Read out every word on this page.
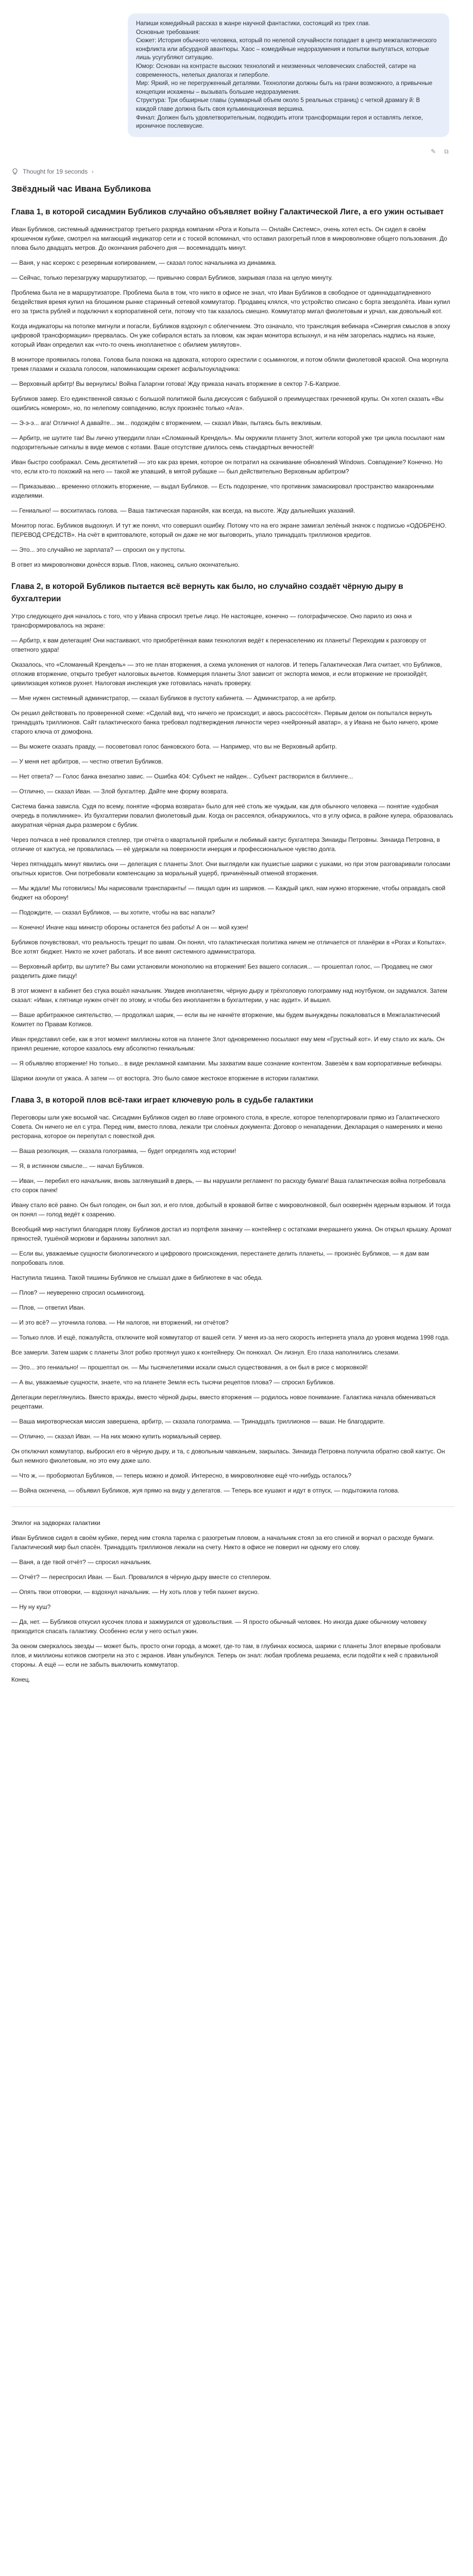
Напиши комедийный рассказ в жанре научной фантастики, состоящий из трех глав.

Основные требования:

Сюжет: История обычного человека, который по нелепой случайности попадает в центр межгалактического конфликта или абсурдной авантюры. Хаос – комедийные недоразумения и попытки выпутаться, которые лишь усугубляют ситуацию.

Юмор: Основан на контрасте высоких технологий и неизменных человеческих слабостей, сатире на современность, нелепых диалогах и гиперболе.

Мир: Яркий, но не перегруженный деталями. Технологии должны быть на грани возможного, а привычные концепции искажены – вызывать большие недоразумения.

Структура: Три обширные главы (суммарный объем около 5 реальных страниц) с четкой драмагу й: В каждой главе должна быть своя кульминационная вершина.

Финал: Должен быть удовлетворительным, подводить итоги трансформации героя и оставлять легкое, ироничное послевкусие.

✎	⧉
Thought for 19 seconds ›
Звёздный час Ивана Бубликова
Глава 1, в которой сисадмин Бубликов случайно объявляет войну Галактической Лиге, а его ужин остывает

Иван Бубликов, системный администратор третьего разряда компании «Рога и Копыта — Онлайн Системс», очень хотел есть. Он сидел в своём крошечном кубике, смотрел на мигающий индикатор сети и с тоской вспоминал, что оставил разогретый плов в микроволновке общего пользования. До плова было двадцать метров. До окончания рабочего дня — восемнадцать минут.

— Ваня, у нас ксерокс с резервным копированием, — сказал голос начальника из динамика.

— Сейчас, только перезагружу маршрутизатор, — привычно соврал Бубликов, закрывая глаза на целую минуту.

Проблема была не в маршрутизаторе. Проблема была в том, что никто в офисе не знал, что Иван Бубликов в свободное от одиннадцатидневного бездействия время купил на блошином рынке старинный сетевой коммутатор. Продавец клялся, что устройство списано с борта звездолёта. Иван купил его за триста рублей и подключил к корпоративной сети, потому что так казалось смешно. Коммутатор мигал фиолетовым и урчал, как довольный кот.

Когда индикаторы на потолке мигнули и погасли, Бубликов вздохнул с облегчением. Это означало, что трансляция вебинара «Синергия смыслов в эпоху цифровой трансформации» прервалась. Он уже собирался встать за пловом, как экран монитора вспыхнул, и на нём загорелась надпись на языке, который Иван определил как «что-то очень инопланетное с обилием умляутов».

В мониторе проявилась голова. Голова была похожа на адвоката, которого скрестили с осьминогом, и потом облили фиолетовой краской. Она моргнула тремя глазами и сказала голосом, напоминающим скрежет асфальтоукладчика:

— Верховный арбитр! Вы вернулись! Война Галаргни готова! Жду приказа начать вторжение в сектор 7-Б-Капризе.

Бубликов замер. Его единственной связью с большой политикой была дискуссия с бабушкой о преимуществах гречневой крупы. Он хотел сказать «Вы ошиблись номером», но, по нелепому совпадению, вслух произнёс только «Ага».

— Э-э-э... ага! Отлично! А давайте... эм... подождём с вторжением, — сказал Иван, пытаясь быть вежливым.

— Арбитр, не шутите так! Вы лично утвердили план «Сломанный Крендель». Мы окружили планету Злот, жители которой уже три цикла посылают нам подозрительные сигналы в виде мемов с котами. Ваше отсутствие длилось семь стандартных вечностей!

Иван быстро соображал. Семь десятилетий — это как раз время, которое он потратил на скачивание обновлений Windows. Совпадение? Конечно. Но что, если кто-то похожий на него — такой же упавший, в мятой рубашке — был действительно Верховным арбитром?

— Приказываю... временно отложить вторжение, — выдал Бубликов. — Есть подозрение, что противник замаскировал пространство макаронными изделиями.

— Гениально! — восхитилась голова. — Ваша тактическая паранойя, как всегда, на высоте. Жду дальнейших указаний.

Монитор погас. Бубликов выдохнул. И тут же понял, что совершил ошибку. Потому что на его экране замигал зелёный значок с подписью «ОДОБРЕНО. ПЕРЕВОД СРЕДСТВ». На счёт в криптовалюте, который он даже не мог выговорить, упало тринадцать триллионов кредитов.

— Это... это случайно не зарплата? — спросил он у пустоты.

В ответ из микроволновки донёсся взрыв. Плов, наконец, сильно окончательно.

Глава 2, в которой Бубликов пытается всё вернуть как было, но случайно создаёт чёрную дыру в бухгалтерии

Утро следующего дня началось с того, что у Ивана спросил третье лицо. Не настоящее, конечно — голографическое. Оно парило из окна и трансформировалось на экране:

— Арбитр, к вам делегация! Они настаивают, что приобретённая вами технология ведёт к перенаселению их планеты! Переходим к разговору от ответного удара!

Оказалось, что «Сломанный Крендель» — это не план вторжения, а схема уклонения от налогов. И теперь Галактическая Лига считает, что Бубликов, отложив вторжение, открыто требует налоговых вычетов. Коммерция планеты Злот зависит от экспорта мемов, и если вторжение не произойдёт, цивилизация котиков рухнет. Налоговая инспекция уже готовилась начать проверку.

— Мне нужен системный администратор, — сказал Бубликов в пустоту кабинета. — Администратор, а не арбитр.

Он решил действовать по проверенной схеме: «Сделай вид, что ничего не происходит, и авось рассосётся». Первым делом он попытался вернуть тринадцать триллионов. Сайт галактического банка требовал подтверждения личности через «нейронный аватар», а у Ивана не было ничего, кроме старого ключа от домофона.

— Вы можете сказать правду, — посоветовал голос банковского бота. — Например, что вы не Верховный арбитр.

— У меня нет арбитров, — честно ответил Бубликов.

— Нет ответа? — Голос банка внезапно завис. — Ошибка 404: Субъект не найден... Субъект растворился в биллинге...

— Отлично, — сказал Иван. — Злой бухгалтер. Дайте мне форму возврата.

Система банка зависла. Судя по всему, понятие «форма возврата» было для неё столь же чуждым, как для обычного человека — понятие «удобная очередь в поликлинике». Из бухгалтерии повалил фиолетовый дым. Когда он рассеялся, обнаружилось, что в углу офиса, в районе кулера, образовалась аккуратная чёрная дыра размером с бублик.

Через полчаса в неё провалился степлер, три отчёта о квартальной прибыли и любимый кактус бухгалтера Зинаиды Петровны. Зинаида Петровна, в отличие от кактуса, не провалилась — её удержали на поверхности инерция и профессиональное чувство долга.

Через пятнадцать минут явились они — делегация с планеты Злот. Они выглядели как пушистые шарики с ушками, но при этом разговаривали голосами опытных юристов. Они потребовали компенсацию за моральный ущерб, причинённый отменой вторжения.

— Мы ждали! Мы готовились! Мы нарисовали транспаранты! — пищал один из шариков. — Каждый цикл, нам нужно вторжение, чтобы оправдать свой бюджет на оборону!

— Подождите, — сказал Бубликов, — вы хотите, чтобы на вас напали?

— Конечно! Иначе наш министр обороны останется без работы! А он — мой кузен!

Бубликов почувствовал, что реальность трещит по швам. Он понял, что галактическая политика ничем не отличается от планёрки в «Рогах и Копытах». Все хотят бюджет. Никто не хочет работать. И все винят системного администратора.

— Верховный арбитр, вы шутите? Вы сами установили монополию на вторжения! Без вашего согласия... — прошептал голос, — Продавец не смог разделить даже пиццу!

В этот момент в кабинет без стука вошёл начальник. Увидев инопланетян, чёрную дыру и трёхголовую голограмму над ноутбуком, он задумался. Затем сказал: «Иван, к пятнице нужен отчёт по этому, и чтобы без инопланетян в бухгалтерии, у нас аудит». И вышел.

— Ваше арбитражное сиятельство, — продолжал шарик, — если вы не начнёте вторжение, мы будем вынуждены пожаловаться в Межгалактический Комитет по Правам Котиков.

Иван представил себе, как в этот момент миллионы котов на планете Злот одновременно посылают ему мем «Грустный кот». И ему стало их жаль. Он принял решение, которое казалось ему абсолютно гениальным:

— Я объявляю вторжение! Но только... в виде рекламной кампании. Мы захватим ваше сознание контентом. Завезём к вам корпоративные вебинары.

Шарики ахнули от ужаса. А затем — от восторга. Это было самое жестокое вторжение в истории галактики.

Глава 3, в которой плов всё-таки играет ключевую роль в судьбе галактики

Переговоры шли уже восьмой час. Сисадмин Бубликов сидел во главе огромного стола, в кресле, которое телепортировали прямо из Галактического Совета. Он ничего не ел с утра. Перед ним, вместо плова, лежали три слоёных документа: Договор о ненападении, Декларация о намерениях и меню ресторана, которое он перепутал с повесткой дня.

— Ваша резолюция, — сказала голограмма, — будет определять ход истории!

— Я, в истинном смысле... — начал Бубликов.

— Иван, — перебил его начальник, вновь заглянувший в дверь, — вы нарушили регламент по расходу бумаги! Ваша галактическая война потребовала сто сорок пачек!

Ивану стало всё равно. Он был голоден, он был зол, и его плов, добытый в кровавой битве с микроволновкой, был осквернён ядерным взрывом. И тогда он понял — голод ведёт к озарению.

Всеобщий мир наступил благодаря плову. Бубликов достал из портфеля заначку — контейнер с остатками вчерашнего ужина. Он открыл крышку. Аромат пряностей, тушёной моркови и баранины заполнил зал.

— Если вы, уважаемые сущности биологического и цифрового происхождения, перестанете делить планеты, — произнёс Бубликов, — я дам вам попробовать плов.

Наступила тишина. Такой тишины Бубликов не слышал даже в библиотеке в час обеда.

— Плов? — неуверенно спросил осьминогоид.

— Плов, — ответил Иван.

— И это всё? — уточнила голова. — Ни налогов, ни вторжений, ни отчётов?

— Только плов. И ещё, пожалуйста, отключите мой коммутатор от вашей сети. У меня из-за него скорость интернета упала до уровня модема 1998 года.

Все замерли. Затем шарик с планеты Злот робко протянул ушко к контейнеру. Он понюхал. Он лизнул. Его глаза наполнились слезами.

— Это... это гениально! — прошептал он. — Мы тысячелетиями искали смысл существования, а он был в рисе с морковкой!

— А вы, уважаемые сущности, знаете, что на планете Земля есть тысячи рецептов плова? — спросил Бубликов.

Делегации переглянулись. Вместо вражды, вместо чёрной дыры, вместо вторжения — родилось новое понимание. Галактика начала обмениваться рецептами.

— Ваша миротворческая миссия завершена, арбитр, — сказала голограмма. — Тринадцать триллионов — ваши. Не благодарите.

— Отлично, — сказал Иван. — На них можно купить нормальный сервер.

Он отключил коммутатор, выбросил его в чёрную дыру, и та, с довольным чавканьем, закрылась. Зинаида Петровна получила обратно свой кактус. Он был немного фиолетовым, но это ему даже шло.

— Что ж, — пробормотал Бубликов, — теперь можно и домой. Интересно, в микроволновке ещё что-нибудь осталось?

— Война окончена, — объявил Бубликов, жуя прямо на виду у делегатов. — Теперь все кушают и идут в отпуск, — подытожила голова.

Эпилог на задворках галактики

Иван Бубликов сидел в своём кубике, перед ним стояла тарелка с разогретым пловом, а начальник стоял за его спиной и ворчал о расходе бумаги. Галактический мир был спасён. Тринадцать триллионов лежали на счету. Никто в офисе не поверил ни одному его слову.

— Ваня, а где твой отчёт? — спросил начальник.

— Отчёт? — переспросил Иван. — Был. Провалился в чёрную дыру вместе со степлером.

— Опять твои отговорки, — вздохнул начальник. — Ну хоть плов у тебя пахнет вкусно.

— Ну ну куш?

— Да, нет. — Бубликов откусил кусочек плова и зажмурился от удовольствия. — Я просто обычный человек. Но иногда даже обычному человеку приходится спасать галактику. Особенно если у него остыл ужин.

За окном смеркалось звезды — может быть, просто огни города, а может, где-то там, в глубинах космоса, шарики с планеты Злот впервые пробовали плов, и миллионы котиков смотрели на это с экранов. Иван улыбнулся. Теперь он знал: любая проблема решаема, если подойти к ней с правильной стороны. А ещё — если не забыть выключить коммутатор.

Конец.
